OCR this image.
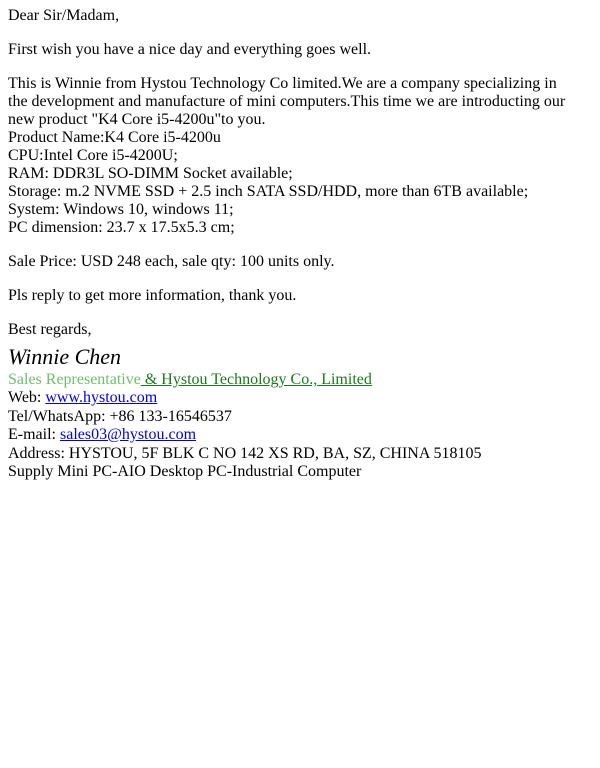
Dear Sir/Madam,

First wish you have a nice day and everything goes well.

This is Winnie from Hystou Technology Co limited.We are a company specializing in the development and manufacture of mini computers.This time we are introducting our new product "K4 Core i5-4200u"to you.

Product Name:K4 Core i5-4200u
CPU:Intel Core i5-4200U;
RAM: DDR3L SO-DIMM Socket available;
Storage: m.2 NVME SSD + 2.5 inch SATA SSD/HDD, more than 6TB available;
System: Windows 10, windows 11;
PC dimension: 23.7 x 17.5x5.3 cm;

Sale Price: USD 248 each, sale qty: 100 units only.

Pls reply to get more information, thank you.

Best regards,

Winnie Chen
Sales Representative & Hystou Technology Co., Limited
Web: www.hystou.com
Tel/WhatsApp: +86 133-16546537
E-mail: sales03@hystou.com
Address: HYSTOU, 5F BLK C NO 142 XS RD, BA, SZ, CHINA 518105
Supply Mini PC-AIO Desktop PC-Industrial Computer
